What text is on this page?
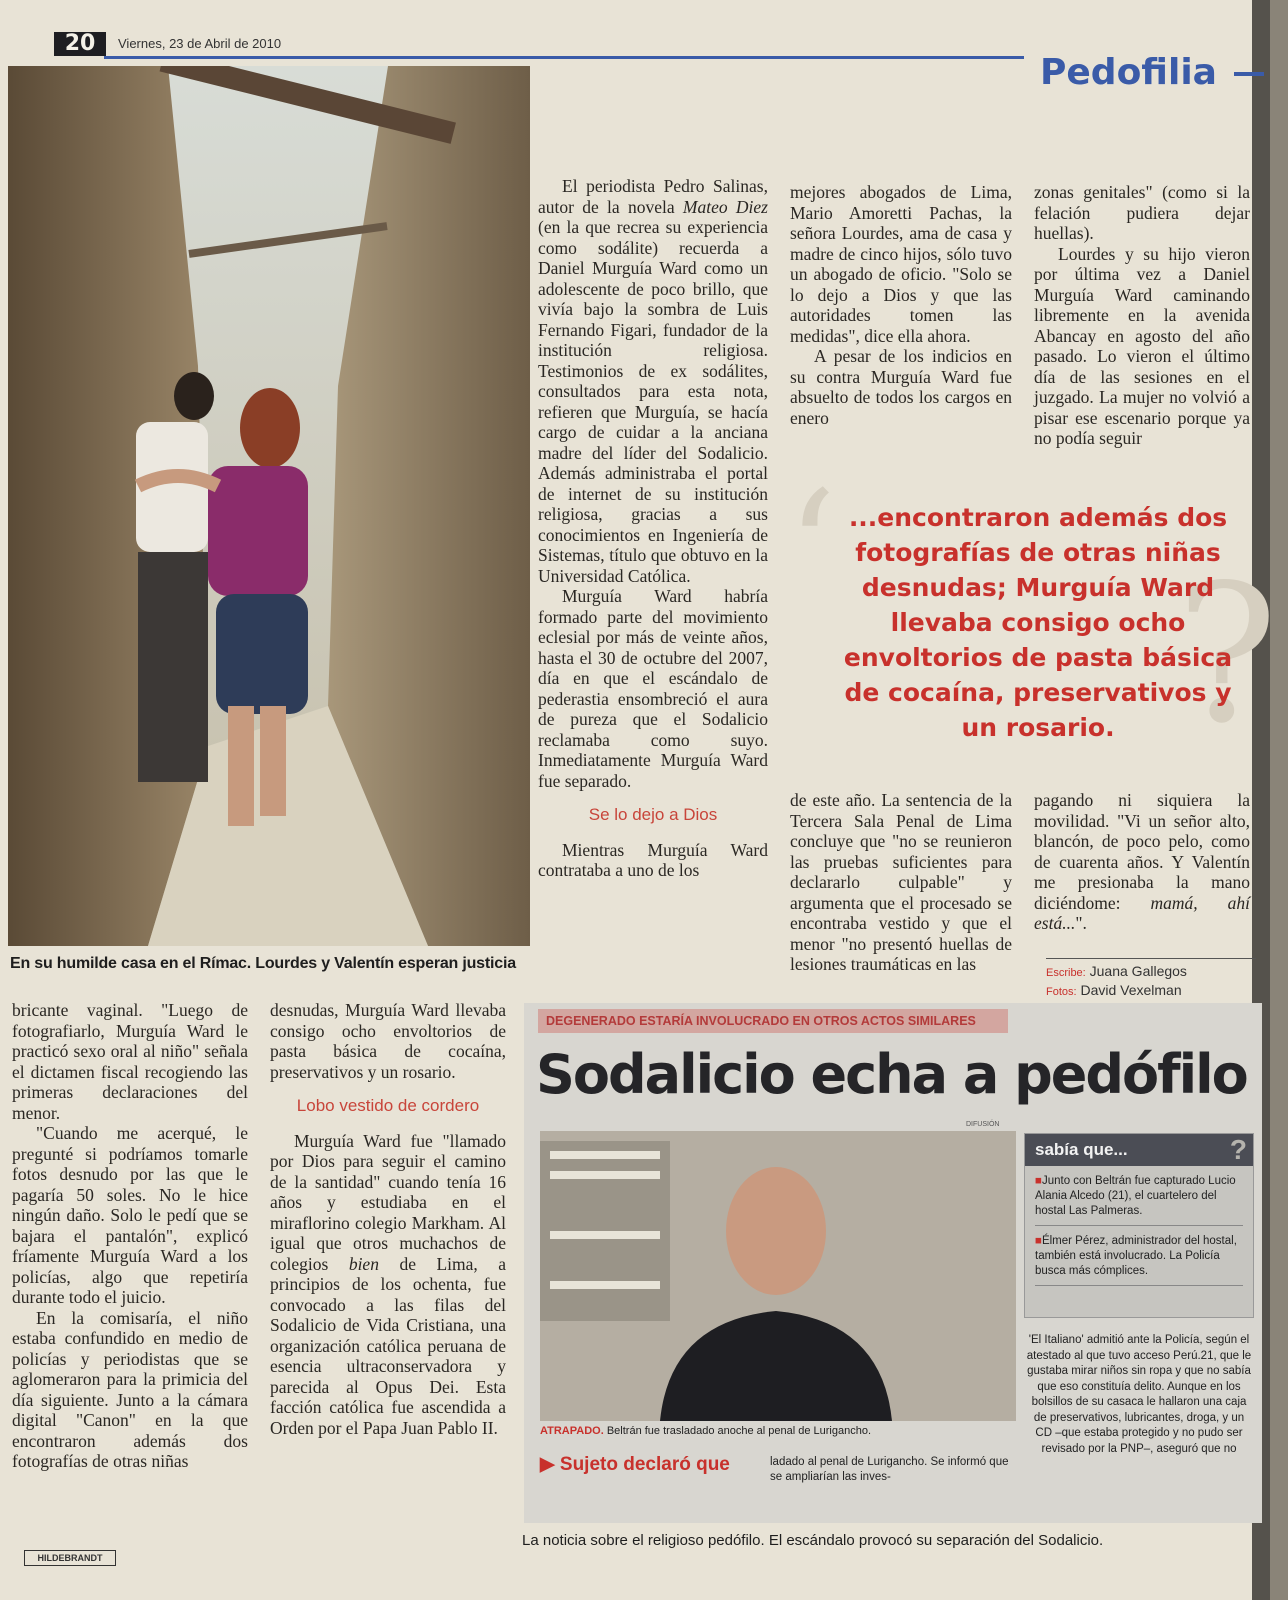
20	Viernes, 23 de Abril de 2010
Pedofilia
En su humilde casa en el Rímac. Lourdes y Valentín esperan justicia

El periodista Pedro Salinas, autor de la novela Mateo Diez (en la que recrea su experiencia como sodálite) recuerda a Daniel Murguía Ward como un adolescente de poco brillo, que vivía bajo la sombra de Luis Fernando Figari, fundador de la institución religiosa. Testimonios de ex sodálites, consultados para esta nota, refieren que Murguía, se hacía cargo de cuidar a la anciana madre del líder del Sodalicio. Además administraba el portal de internet de su institución religiosa, gracias a sus conocimientos en Ingeniería de Sistemas, título que obtuvo en la Universidad Católica.

Murguía Ward habría formado parte del movimiento eclesial por más de veinte años, hasta el 30 de octubre del 2007, día en que el escándalo de pederastia ensombreció el aura de pureza que el Sodalicio reclamaba como suyo. Inmediatamente Murguía Ward fue separado.

Se lo dejo a Dios

Mientras Murguía Ward contrataba a uno de los

mejores abogados de Lima, Mario Amoretti Pachas, la señora Lourdes, ama de casa y madre de cinco hijos, sólo tuvo un abogado de oficio. "Solo se lo dejo a Dios y que las autoridades tomen las medidas", dice ella ahora.

A pesar de los indicios en su contra Murguía Ward fue absuelto de todos los cargos en enero

zonas genitales" (como si la felación pudiera dejar huellas).

Lourdes y su hijo vieron por última vez a Daniel Murguía Ward caminando libremente en la avenida Abancay en agosto del año pasado. Lo vieron el último día de las sesiones en el juzgado. La mujer no volvió a pisar ese escenario porque ya no podía seguir

‘ ?
...encontraron además dos fotografías de otras niñas desnudas; Murguía Ward llevaba consigo ocho envoltorios de pasta básica de cocaína, preservativos y un rosario.

de este año. La sentencia de la Tercera Sala Penal de Lima concluye que "no se reunieron las pruebas suficientes para declararlo culpable" y argumenta que el procesado se encontraba vestido y que el menor "no presentó huellas de lesiones traumáticas en las

pagando ni siquiera la movilidad. "Vi un señor alto, blancón, de poco pelo, como de cuarenta años. Y Valentín me presionaba la mano diciéndome: mamá, ahí está...".

Escribe: Juana Gallegos
Fotos: David Vexelman

bricante vaginal. "Luego de fotografiarlo, Murguía Ward le practicó sexo oral al niño" señala el dictamen fiscal recogiendo las primeras declaraciones del menor.

"Cuando me acerqué, le pregunté si podríamos tomarle fotos desnudo por las que le pagaría 50 soles. No le hice ningún daño. Solo le pedí que se bajara el pantalón", explicó fríamente Murguía Ward a los policías, algo que repetiría durante todo el juicio.

En la comisaría, el niño estaba confundido en medio de policías y periodistas que se aglomeraron para la primicia del día siguiente. Junto a la cámara digital "Canon" en la que encontraron además dos fotografías de otras niñas

desnudas, Murguía Ward llevaba consigo ocho envoltorios de pasta básica de cocaína, preservativos y un rosario.

Lobo vestido de cordero

Murguía Ward fue "llamado por Dios para seguir el camino de la santidad" cuando tenía 16 años y estudiaba en el miraflorino colegio Markham. Al igual que otros muchachos de colegios bien de Lima, a principios de los ochenta, fue convocado a las filas del Sodalicio de Vida Cristiana, una organización católica peruana de esencia ultraconservadora y parecida al Opus Dei. Esta facción católica fue ascendida a Orden por el Papa Juan Pablo II.

DEGENERADO ESTARÍA INVOLUCRADO EN OTROS ACTOS SIMILARES
Sodalicio echa a pedófilo
DIFUSIÓN
ATRAPADO. Beltrán fue trasladado anoche al penal de Lurigancho.
sabía que...	?
■Junto con Beltrán fue capturado Lucio Alania Alcedo (21), el cuartelero del hostal Las Palmeras.
■Élmer Pérez, administrador del hostal, también está involucrado. La Policía busca más cómplices.
'El Italiano' admitió ante la Policía, según el atestado al que tuvo acceso Perú.21, que le gustaba mirar niños sin ropa y que no sabía que eso constituía delito. Aunque en los bolsillos de su casaca le hallaron una caja de preservativos, lubricantes, droga, y un CD –que estaba protegido y no pudo ser revisado por la PNP–, aseguró que no
▶ Sujeto declaró que	ladado al penal de Lurigancho. Se informó que se ampliarían las inves-
La noticia sobre el religioso pedófilo. El escándalo provocó su separación del Sodalicio.
HILDEBRANDT
